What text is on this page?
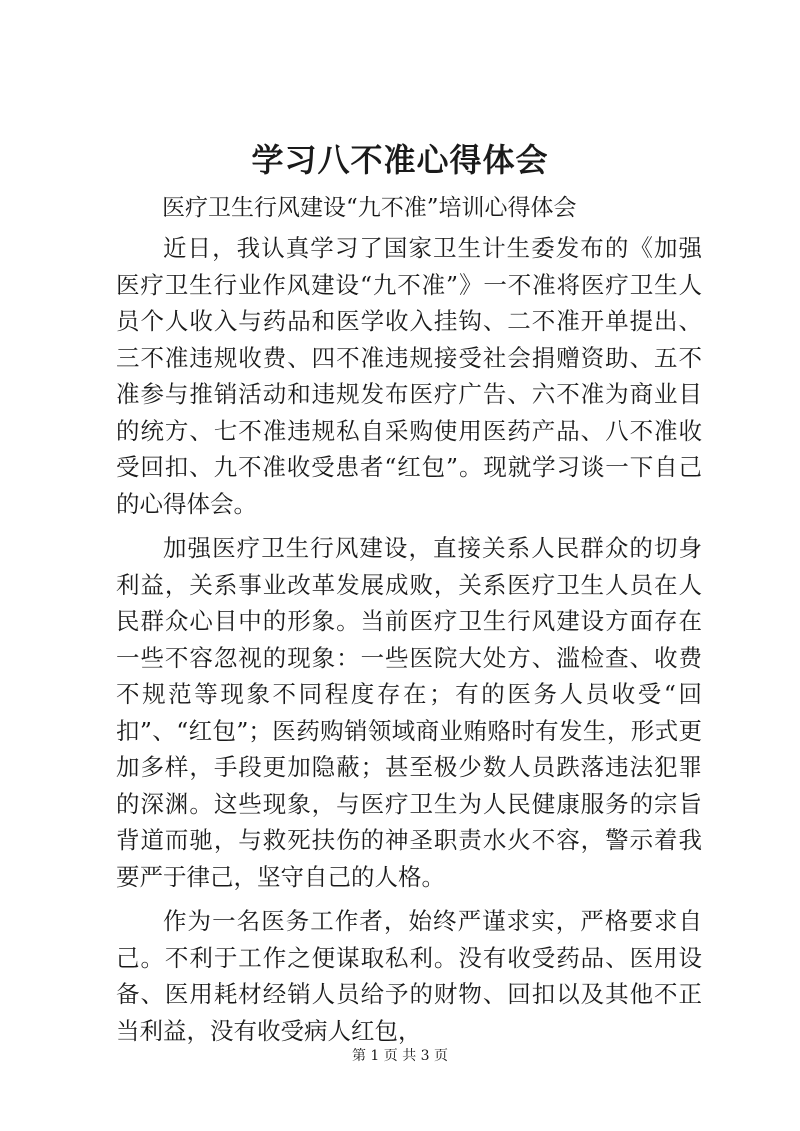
学习八不准心得体会
医疗卫生行风建设“九不准”培训心得体会

近日，我认真学习了国家卫生计生委发布的《加强医疗卫生行业作风建设“九不准”》一不准将医疗卫生人员个人收入与药品和医学收入挂钩、二不准开单提出、三不准违规收费、四不准违规接受社会捐赠资助、五不准参与推销活动和违规发布医疗广告、六不准为商业目的统方、七不准违规私自采购使用医药产品、八不准收受回扣、九不准收受患者“红包”。现就学习谈一下自己的心得体会。

加强医疗卫生行风建设，直接关系人民群众的切身利益，关系事业改革发展成败，关系医疗卫生人员在人民群众心目中的形象。当前医疗卫生行风建设方面存在一些不容忽视的现象：一些医院大处方、滥检查、收费不规范等现象不同程度存在；有的医务人员收受“回扣”、“红包”；医药购销领域商业贿赂时有发生，形式更加多样，手段更加隐蔽；甚至极少数人员跌落违法犯罪的深渊。这些现象，与医疗卫生为人民健康服务的宗旨背道而驰，与救死扶伤的神圣职责水火不容，警示着我要严于律己，坚守自己的人格。

作为一名医务工作者，始终严谨求实，严格要求自己。不利于工作之便谋取私利。没有收受药品、医用设备、医用耗材经销人员给予的财物、回扣以及其他不正当利益，没有收受病人红包，

第 1 页 共 3 页
